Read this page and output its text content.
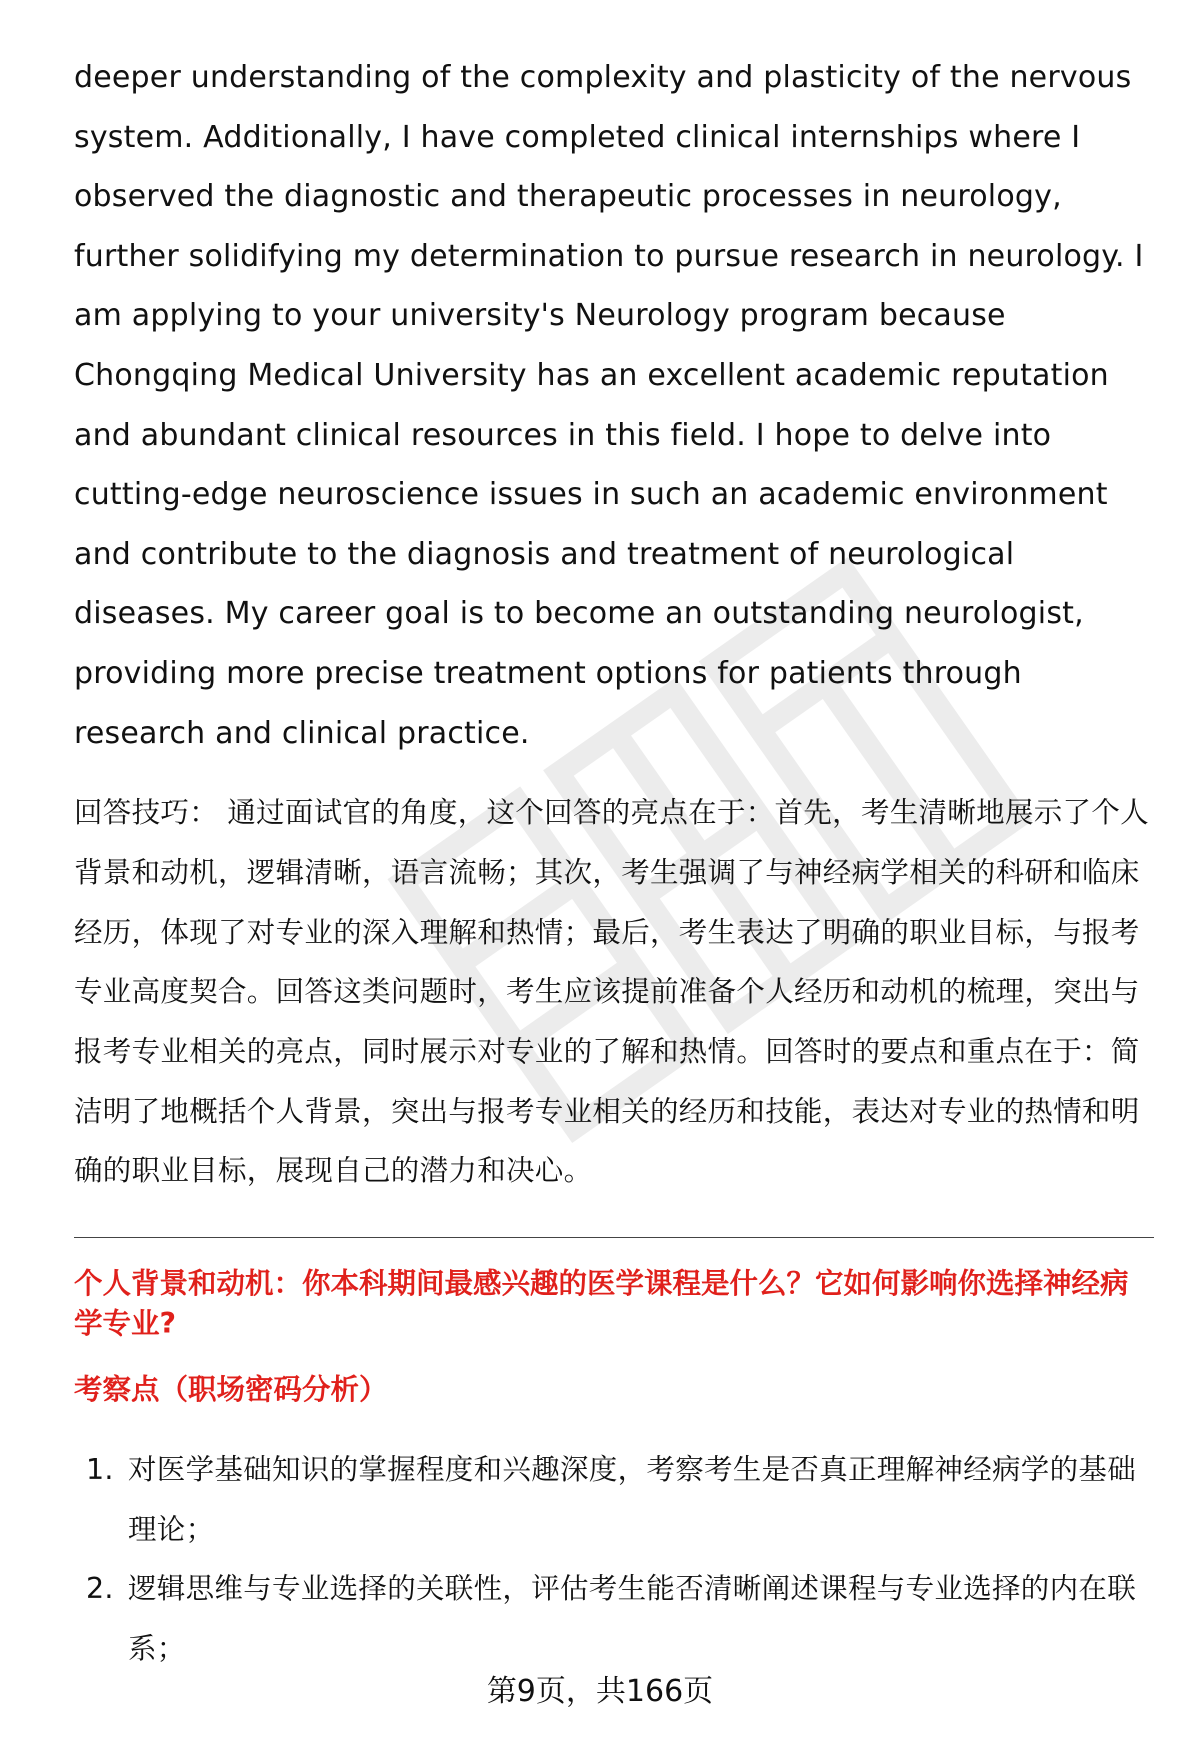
deeper understanding of the complexity and plasticity of the nervous system. Additionally, I have completed clinical internships where I observed the diagnostic and therapeutic processes in neurology, further solidifying my determination to pursue research in neurology. I am applying to your university's Neurology program because Chongqing Medical University has an excellent academic reputation and abundant clinical resources in this field. I hope to delve into cutting-edge neuroscience issues in such an academic environment and contribute to the diagnosis and treatment of neurological diseases. My career goal is to become an outstanding neurologist, providing more precise treatment options for patients through research and clinical practice.

回答技巧： 通过面试官的角度，这个回答的亮点在于：首先，考生清晰地展示了个人背景和动机，逻辑清晰，语言流畅；其次，考生强调了与神经病学相关的科研和临床经历，体现了对专业的深入理解和热情；最后，考生表达了明确的职业目标，与报考专业高度契合。回答这类问题时，考生应该提前准备个人经历和动机的梳理，突出与报考专业相关的亮点，同时展示对专业的了解和热情。回答时的要点和重点在于：简洁明了地概括个人背景，突出与报考专业相关的经历和技能，表达对专业的热情和明确的职业目标，展现自己的潜力和决心。

个人背景和动机：你本科期间最感兴趣的医学课程是什么？它如何影响你选择神经病学专业?
考察点（职场密码分析）
1. 对医学基础知识的掌握程度和兴趣深度，考察考生是否真正理解神经病学的基础理论；
2. 逻辑思维与专业选择的关联性，评估考生能否清晰阐述课程与专业选择的内在联系；
第9页，共166页
